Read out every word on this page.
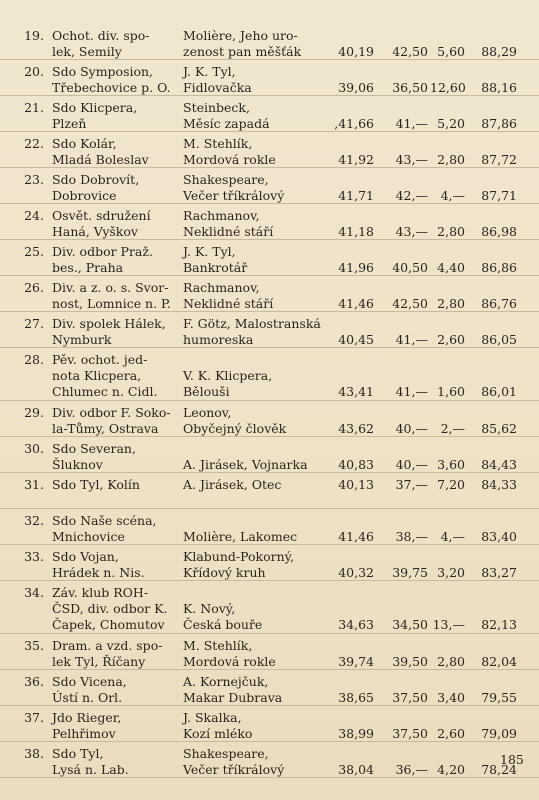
19. Ochot. div. spo-
lek, Semily
Molière, Jeho uro-
zenost pan měšťák	40,19	42,50 5,60	88,29
20. Sdo Symposion,
Třebechovice p. O.
J. K. Tyl,
Fidlovačka	39,06	36,50 12,60	88,16
21. Sdo Klicpera,
Plzeň
Steinbeck,
Měsíc zapadá	,41,66	41,— 5,20	87,86
22. Sdo Kolár,
Mladá Boleslav
M. Stehlík,
Mordová rokle	41,92	43,— 2,80	87,72
23. Sdo Dobrovít,
Dobrovice
Shakespeare,
Večer tříkrálový	41,71	42,—	4,—	87,71
24. Osvět. sdružení
Haná, Vyškov
Rachmanov,
Neklidné stáří	41,18	43,— 2,80	86,98
25. Div. odbor Praž.
bes., Praha
J. K. Tyl,
Bankrotář	41,96	40,50 4,40	86,86
26. Div. a z. o. s. Svor-
nost, Lomnice n. P.
Rachmanov,
Neklidné stáří	41,46	42,50 2,80	86,76
27. Div. spolek Hálek,
Nymburk
F. Götz, Malostranská
humoreska	40,45	41,— 2,60	86,05
28. Pěv. ochot. jed-
nota Klicpera,
Chlumec n. Cidl.

V. K. Klicpera,
Bělouši	43,41	41,— 1,60	86,01
29. Div. odbor F. Soko-
la-Tůmy, Ostrava
Leonov,
Obyčejný člověk	43,62	40,—	2,—	85,62
30. Sdo Severan,
Šluknov
	A. Jirásek, Vojnarka	40,83	40,— 3,60	84,43
31. Sdo Tyl, Kolín	A. Jirásek, Otec	40,13	37,— 7,20	84,33
32. Sdo Naše scéna,
Mnichovice
	Molière, Lakomec	41,46	38,—	4,—	83,40
33. Sdo Vojan,
Hrádek n. Nis.
Klabund-Pokorný,
Křídový kruh	40,32	39,75 3,20	83,27
34. Záv. klub ROH-
ČSD, div. odbor K.
Čapek, Chomutov

K. Nový,
Česká bouře	34,63	34,50 13,—	82,13
35. Dram. a vzd. spo-
lek Tyl, Říčany
M. Stehlík,
Mordová rokle	39,74	39,50 2,80	82,04
36. Sdo Vicena,
Ústí n. Orl.
A. Kornejčuk,
Makar Dubrava	38,65	37,50 3,40	79,55
37. Jdo Rieger,
Pelhřimov
J. Skalka,
Kozí mléko	38,99	37,50 2,60	79,09
38. Sdo Tyl,
Lysá n. Lab.
Shakespeare,
Večer tříkrálový	38,04	36,— 4,20	78,24
185
